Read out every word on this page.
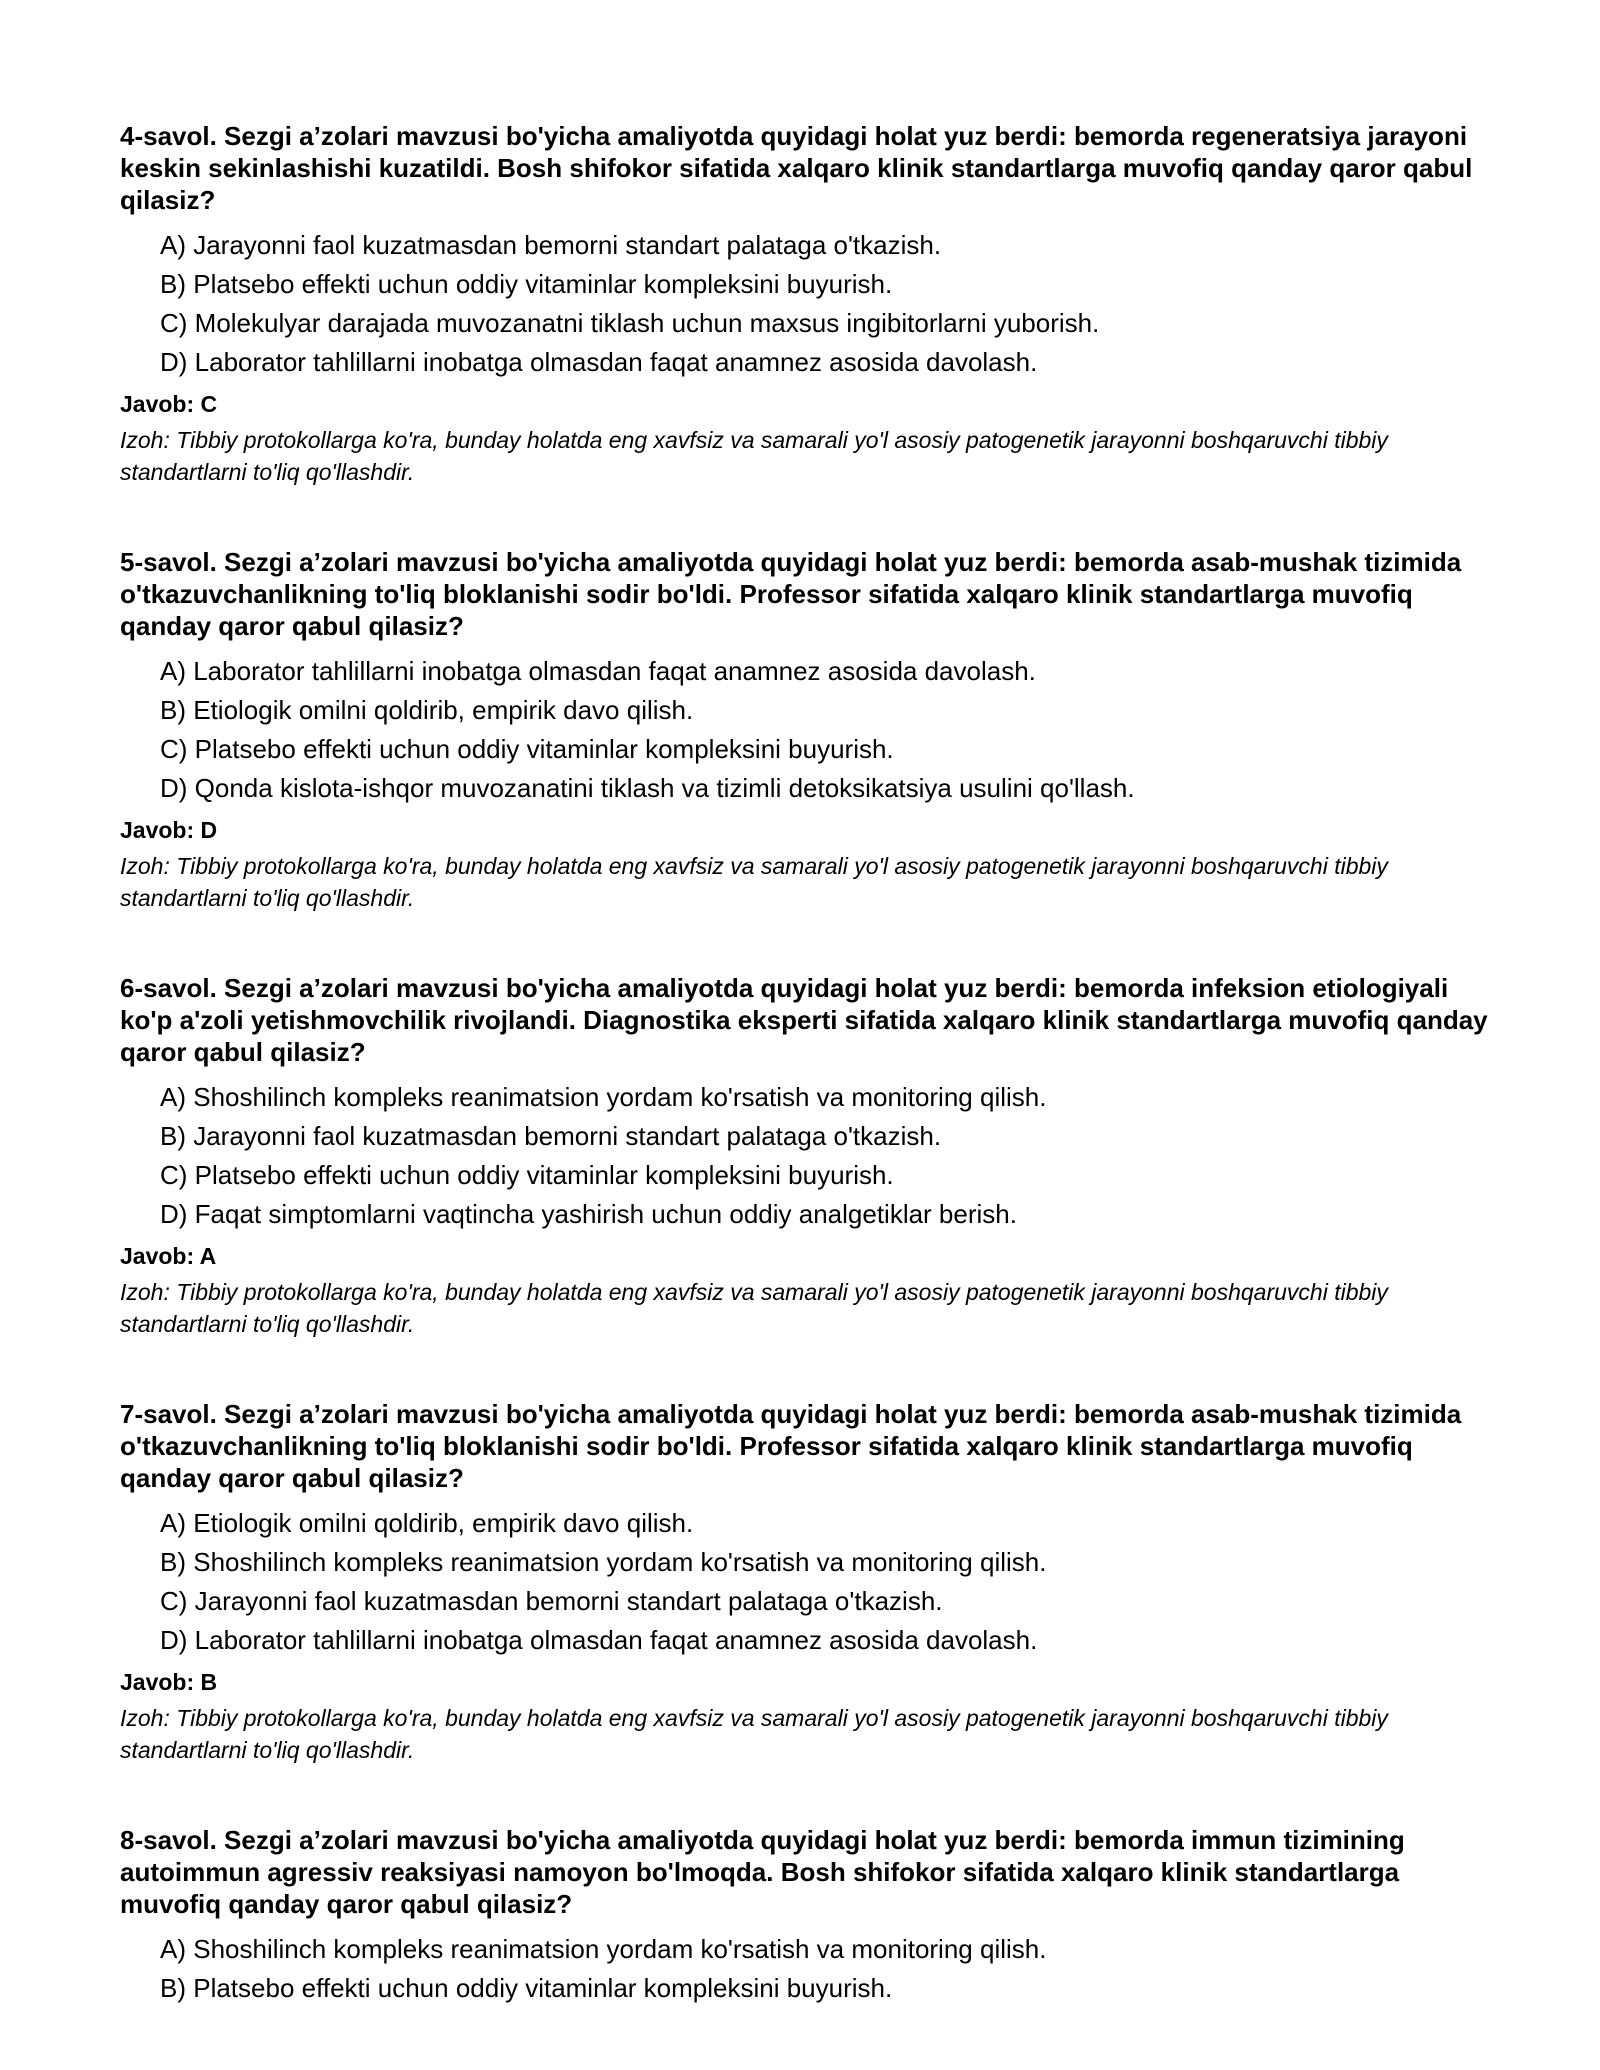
4-savol. Sezgi a’zolari mavzusi bo'yicha amaliyotda quyidagi holat yuz berdi: bemorda regeneratsiya jarayoni keskin sekinlashishi kuzatildi. Bosh shifokor sifatida xalqaro klinik standartlarga muvofiq qanday qaror qabul qilasiz?

A) Jarayonni faol kuzatmasdan bemorni standart palataga o'tkazish.
B) Platsebo effekti uchun oddiy vitaminlar kompleksini buyurish.
C) Molekulyar darajada muvozanatni tiklash uchun maxsus ingibitorlarni yuborish.
D) Laborator tahlillarni inobatga olmasdan faqat anamnez asosida davolash.
Javob: C
Izoh: Tibbiy protokollarga ko'ra, bunday holatda eng xavfsiz va samarali yo'l asosiy patogenetik jarayonni boshqaruvchi tibbiy standartlarni to'liq qo'llashdir.

5-savol. Sezgi a’zolari mavzusi bo'yicha amaliyotda quyidagi holat yuz berdi: bemorda asab-mushak tizimida o'tkazuvchanlikning to'liq bloklanishi sodir bo'ldi. Professor sifatida xalqaro klinik standartlarga muvofiq qanday qaror qabul qilasiz?

A) Laborator tahlillarni inobatga olmasdan faqat anamnez asosida davolash.
B) Etiologik omilni qoldirib, empirik davo qilish.
C) Platsebo effekti uchun oddiy vitaminlar kompleksini buyurish.
D) Qonda kislota-ishqor muvozanatini tiklash va tizimli detoksikatsiya usulini qo'llash.
Javob: D
Izoh: Tibbiy protokollarga ko'ra, bunday holatda eng xavfsiz va samarali yo'l asosiy patogenetik jarayonni boshqaruvchi tibbiy standartlarni to'liq qo'llashdir.

6-savol. Sezgi a’zolari mavzusi bo'yicha amaliyotda quyidagi holat yuz berdi: bemorda infeksion etiologiyali ko'p a'zoli yetishmovchilik rivojlandi. Diagnostika eksperti sifatida xalqaro klinik standartlarga muvofiq qanday qaror qabul qilasiz?

A) Shoshilinch kompleks reanimatsion yordam ko'rsatish va monitoring qilish.
B) Jarayonni faol kuzatmasdan bemorni standart palataga o'tkazish.
C) Platsebo effekti uchun oddiy vitaminlar kompleksini buyurish.
D) Faqat simptomlarni vaqtincha yashirish uchun oddiy analgetiklar berish.
Javob: A
Izoh: Tibbiy protokollarga ko'ra, bunday holatda eng xavfsiz va samarali yo'l asosiy patogenetik jarayonni boshqaruvchi tibbiy standartlarni to'liq qo'llashdir.

7-savol. Sezgi a’zolari mavzusi bo'yicha amaliyotda quyidagi holat yuz berdi: bemorda asab-mushak tizimida o'tkazuvchanlikning to'liq bloklanishi sodir bo'ldi. Professor sifatida xalqaro klinik standartlarga muvofiq qanday qaror qabul qilasiz?

A) Etiologik omilni qoldirib, empirik davo qilish.
B) Shoshilinch kompleks reanimatsion yordam ko'rsatish va monitoring qilish.
C) Jarayonni faol kuzatmasdan bemorni standart palataga o'tkazish.
D) Laborator tahlillarni inobatga olmasdan faqat anamnez asosida davolash.
Javob: B
Izoh: Tibbiy protokollarga ko'ra, bunday holatda eng xavfsiz va samarali yo'l asosiy patogenetik jarayonni boshqaruvchi tibbiy standartlarni to'liq qo'llashdir.

8-savol. Sezgi a’zolari mavzusi bo'yicha amaliyotda quyidagi holat yuz berdi: bemorda immun tizimining autoimmun agressiv reaksiyasi namoyon bo'lmoqda. Bosh shifokor sifatida xalqaro klinik standartlarga muvofiq qanday qaror qabul qilasiz?

A) Shoshilinch kompleks reanimatsion yordam ko'rsatish va monitoring qilish.
B) Platsebo effekti uchun oddiy vitaminlar kompleksini buyurish.
